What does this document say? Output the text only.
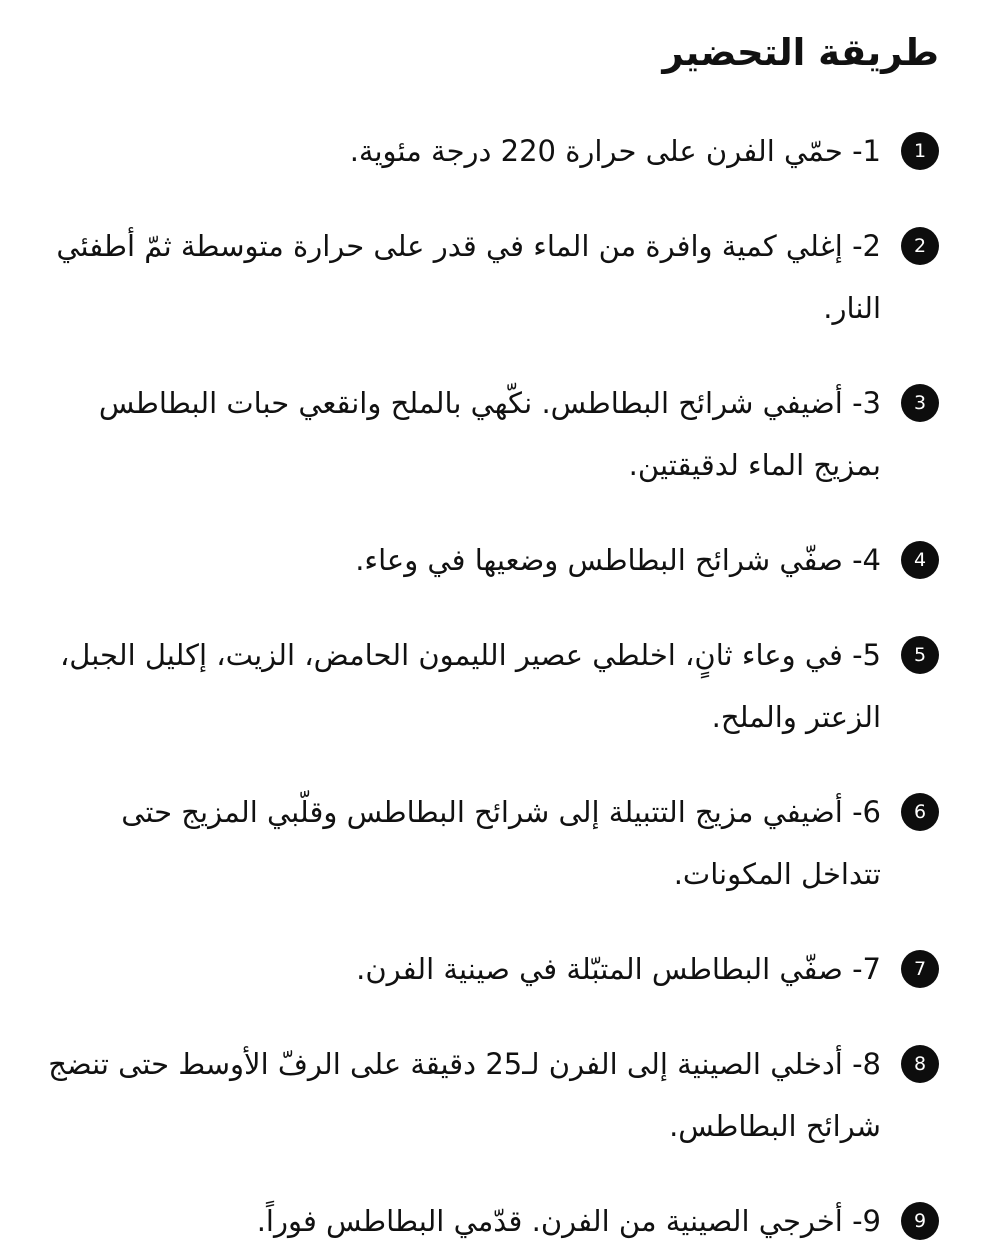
طريقة التحضير
1
1- حمّي الفرن على حرارة 220 درجة مئوية.
2
2- إغلي كمية وافرة من الماء في قدر على حرارة متوسطة ثمّ أطفئي النار.
3
3- أضيفي شرائح البطاطس. نكّهي بالملح وانقعي حبات البطاطس بمزيج الماء لدقيقتين.
4
4- صفّي شرائح البطاطس وضعيها في وعاء.
5
5- في وعاء ثانٍ، اخلطي عصير الليمون الحامض، الزيت، إكليل الجبل، الزعتر والملح.
6
6- أضيفي مزيج التتبيلة إلى شرائح البطاطس وقلّبي المزيج حتى تتداخل المكونات.
7
7- صفّي البطاطس المتبّلة في صينية الفرن.
8
8- أدخلي الصينية إلى الفرن لـ25 دقيقة على الرفّ الأوسط حتى تنضج شرائح البطاطس.
9
9- أخرجي الصينية من الفرن. قدّمي البطاطس فوراً.
